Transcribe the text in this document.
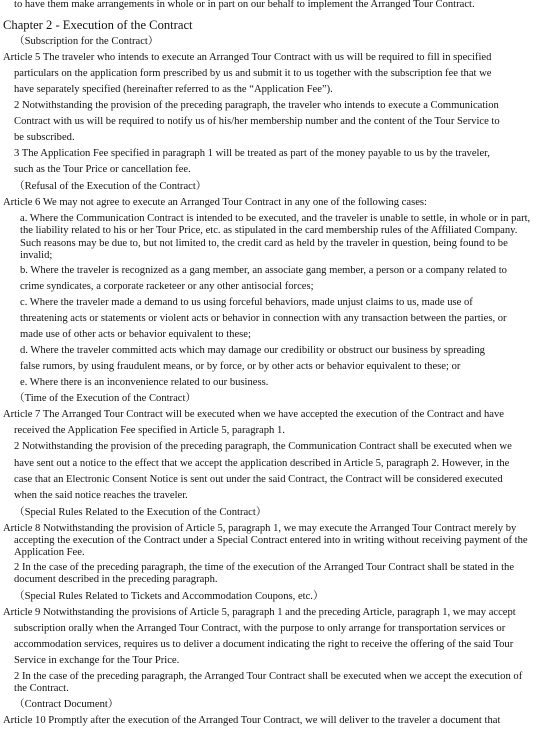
to have them make arrangements in whole or in part on our behalf to implement the Arranged Tour Contract.
Chapter 2 - Execution of the Contract
（Subscription for the Contract）
Article 5 The traveler who intends to execute an Arranged Tour Contract with us will be required to fill in specified
particulars on the application form prescribed by us and submit it to us together with the subscription fee that we
have separately specified (hereinafter referred to as the “Application Fee”).
2 Notwithstanding the provision of the preceding paragraph, the traveler who intends to execute a Communication
Contract with us will be required to notify us of his/her membership number and the content of the Tour Service to
be subscribed.
3 The Application Fee specified in paragraph 1 will be treated as part of the money payable to us by the traveler,
such as the Tour Price or cancellation fee.
（Refusal of the Execution of the Contract）
Article 6 We may not agree to execute an Arranged Tour Contract in any one of the following cases:
a. Where the Communication Contract is intended to be executed, and the traveler is unable to settle, in whole or in part,
the liability related to his or her Tour Price, etc. as stipulated in the card membership rules of the Affiliated Company.
Such reasons may be due to, but not limited to, the credit card as held by the traveler in question, being found to be
invalid;
b. Where the traveler is recognized as a gang member, an associate gang member, a person or a company related to
crime syndicates, a corporate racketeer or any other antisocial forces;
c. Where the traveler made a demand to us using forceful behaviors, made unjust claims to us, made use of
threatening acts or statements or violent acts or behavior in connection with any transaction between the parties, or
made use of other acts or behavior equivalent to these;
d. Where the traveler committed acts which may damage our credibility or obstruct our business by spreading
false rumors, by using fraudulent means, or by force, or by other acts or behavior equivalent to these; or
e. Where there is an inconvenience related to our business.
（Time of the Execution of the Contract）
Article 7 The Arranged Tour Contract will be executed when we have accepted the execution of the Contract and have
received the Application Fee specified in Article 5, paragraph 1.
2 Notwithstanding the provision of the preceding paragraph, the Communication Contract shall be executed when we
have sent out a notice to the effect that we accept the application described in Article 5, paragraph 2. However, in the
case that an Electronic Consent Notice is sent out under the said Contract, the Contract will be considered executed
when the said notice reaches the traveler.
（Special Rules Related to the Execution of the Contract）
Article 8 Notwithstanding the provision of Article 5, paragraph 1, we may execute the Arranged Tour Contract merely by
accepting the execution of the Contract under a Special Contract entered into in writing without receiving payment of the
Application Fee.
2 In the case of the preceding paragraph, the time of the execution of the Arranged Tour Contract shall be stated in the
document described in the preceding paragraph.
（Special Rules Related to Tickets and Accommodation Coupons, etc.）
Article 9 Notwithstanding the provisions of Article 5, paragraph 1 and the preceding Article, paragraph 1, we may accept
subscription orally when the Arranged Tour Contract, with the purpose to only arrange for transportation services or
accommodation services, requires us to deliver a document indicating the right to receive the offering of the said Tour
Service in exchange for the Tour Price.
2 In the case of the preceding paragraph, the Arranged Tour Contract shall be executed when we accept the execution of
the Contract.
（Contract Document）
Article 10 Promptly after the execution of the Arranged Tour Contract, we will deliver to the traveler a document that
